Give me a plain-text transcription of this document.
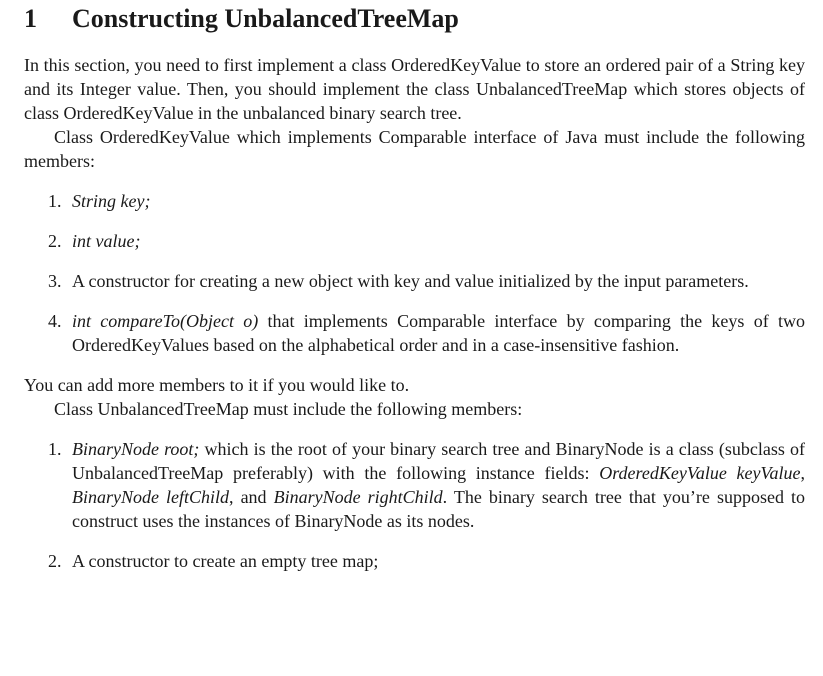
1 Constructing UnbalancedTreeMap

In this section, you need to first implement a class OrderedKeyValue to store an ordered pair of a String key and its Integer value. Then, you should implement the class UnbalancedTreeMap which stores objects of class OrderedKeyValue in the unbalanced binary search tree.

Class OrderedKeyValue which implements Comparable interface of Java must include the following members:

1. String key;
2. int value;
3. A constructor for creating a new object with key and value initialized by the input parameters.
4. int compareTo(Object o) that implements Comparable interface by comparing the keys of two OrderedKeyValues based on the alphabetical order and in a case-insensitive fashion.

You can add more members to it if you would like to.

Class UnbalancedTreeMap must include the following members:

1. BinaryNode root; which is the root of your binary search tree and BinaryNode is a class (subclass of UnbalancedTreeMap preferably) with the following instance fields: OrderedKeyValue keyValue, BinaryNode leftChild, and BinaryNode rightChild. The binary search tree that you’re supposed to construct uses the instances of BinaryNode as its nodes.
2. A constructor to create an empty tree map;
